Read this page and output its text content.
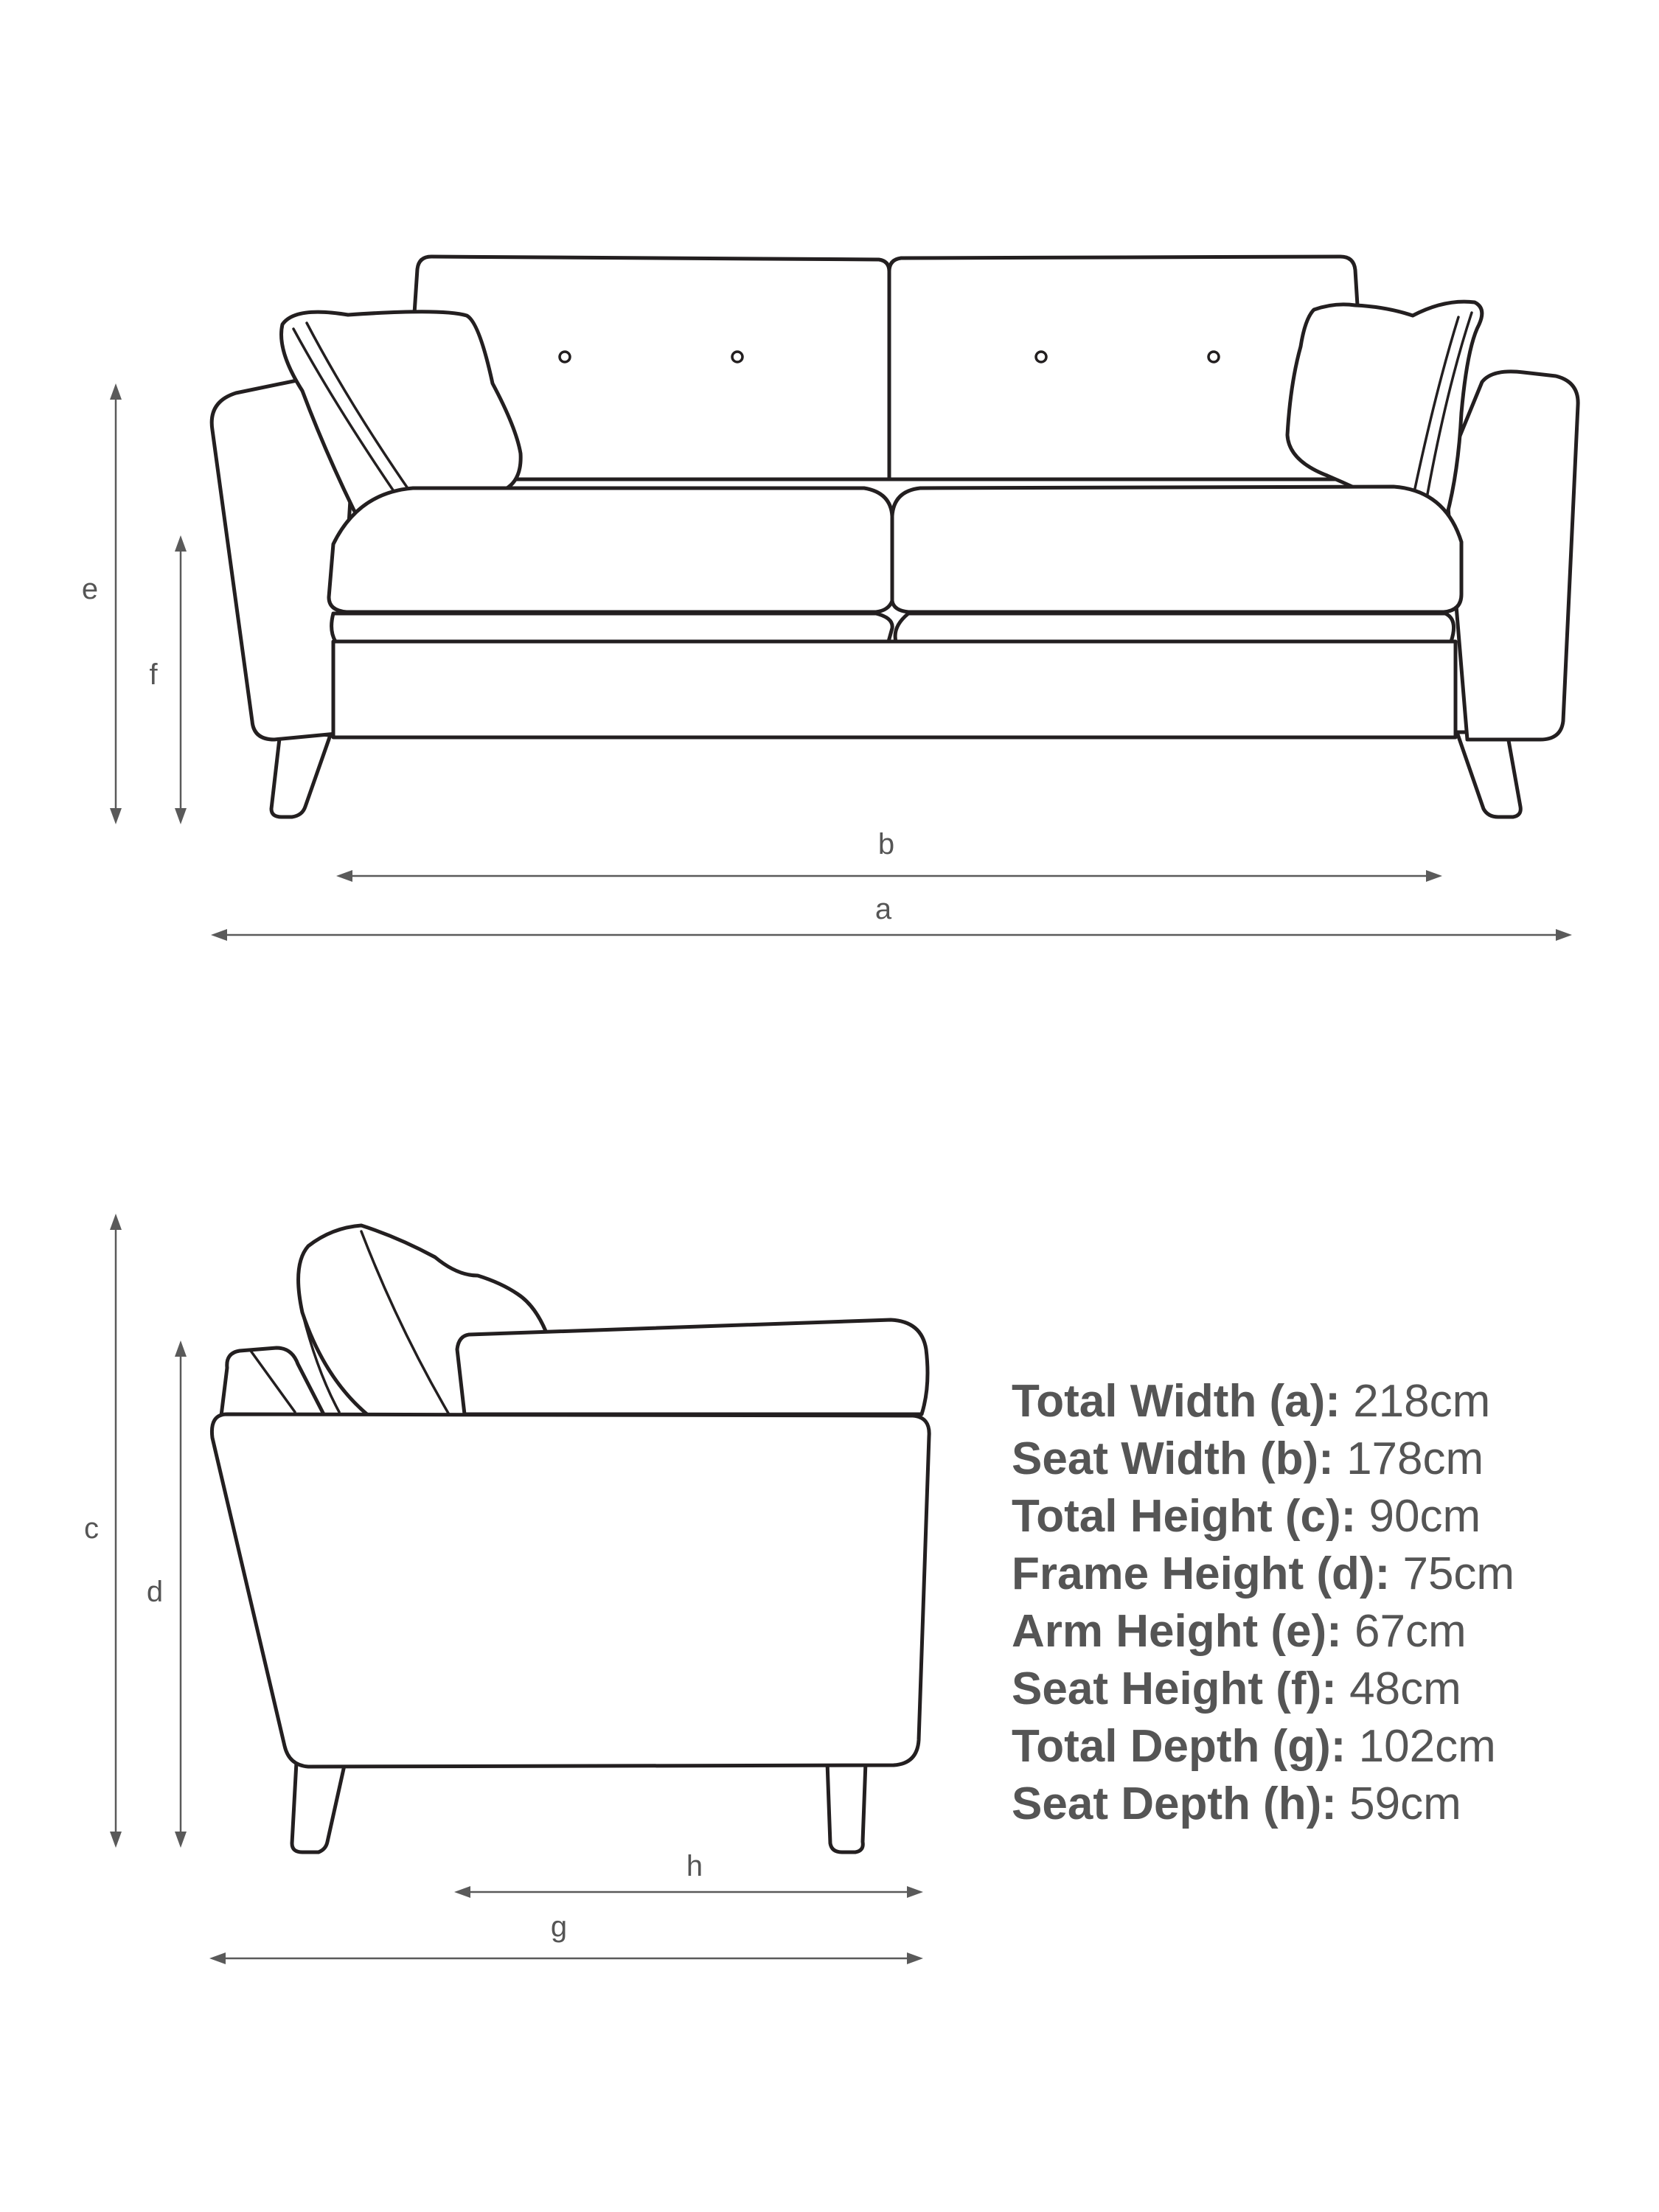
e
f
b
a
c
d
h
g
Total Width (a): 218cm
Seat Width (b): 178cm
Total Height (c): 90cm
Frame Height (d): 75cm
Arm Height (e): 67cm
Seat Height (f): 48cm
Total Depth (g): 102cm
Seat Depth (h): 59cm
